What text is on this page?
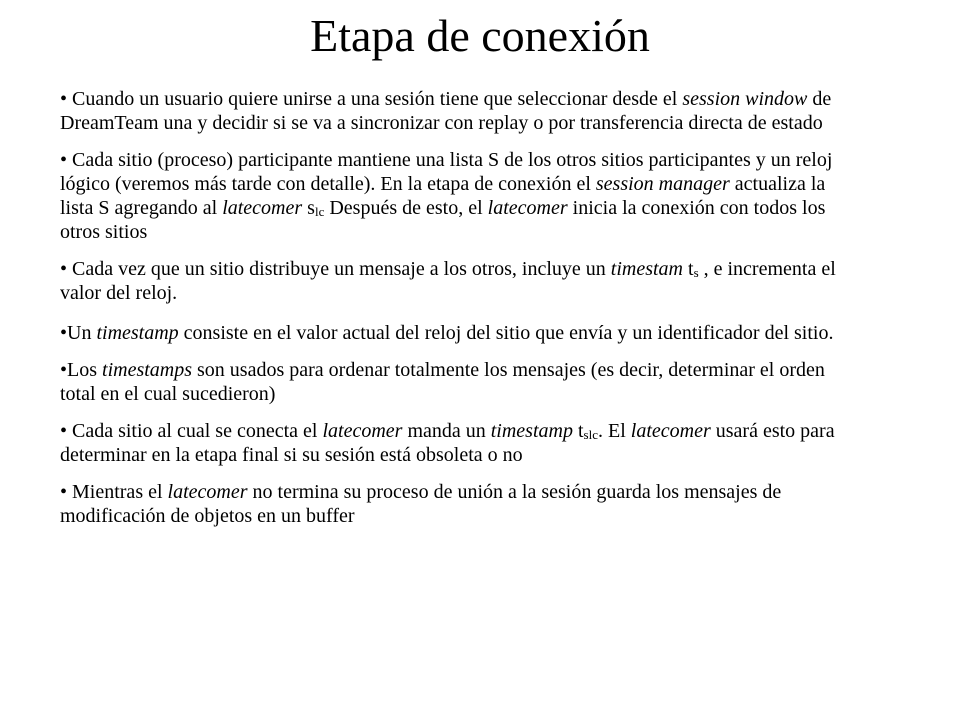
Etapa de conexión

• Cuando un usuario quiere unirse a una sesión tiene que seleccionar desde el session window de DreamTeam una y decidir si se va a sincronizar con replay o por transferencia directa de estado

• Cada sitio (proceso) participante mantiene una lista S de los otros sitios participantes y un reloj lógico (veremos más tarde con detalle). En la etapa de conexión el session manager actualiza la lista S agregando al latecomer $s_{lc}$ Después de esto, el latecomer inicia la conexión con todos los otros sitios

• Cada vez que un sitio distribuye un mensaje a los otros, incluye un timestam $t_s$ , e incrementa el valor del reloj.

•Un timestamp consiste en el valor actual del reloj del sitio que envía y un identificador del sitio.

•Los timestamps son usados para ordenar totalmente los mensajes (es decir, determinar el orden total en el cual sucedieron)

• Cada sitio al cual se conecta el latecomer manda un timestamp $t_{slc}$. El latecomer usará esto para determinar en la etapa final si su sesión está obsoleta o no

• Mientras el latecomer no termina su proceso de unión a la sesión guarda los mensajes de modificación de objetos en un buffer
